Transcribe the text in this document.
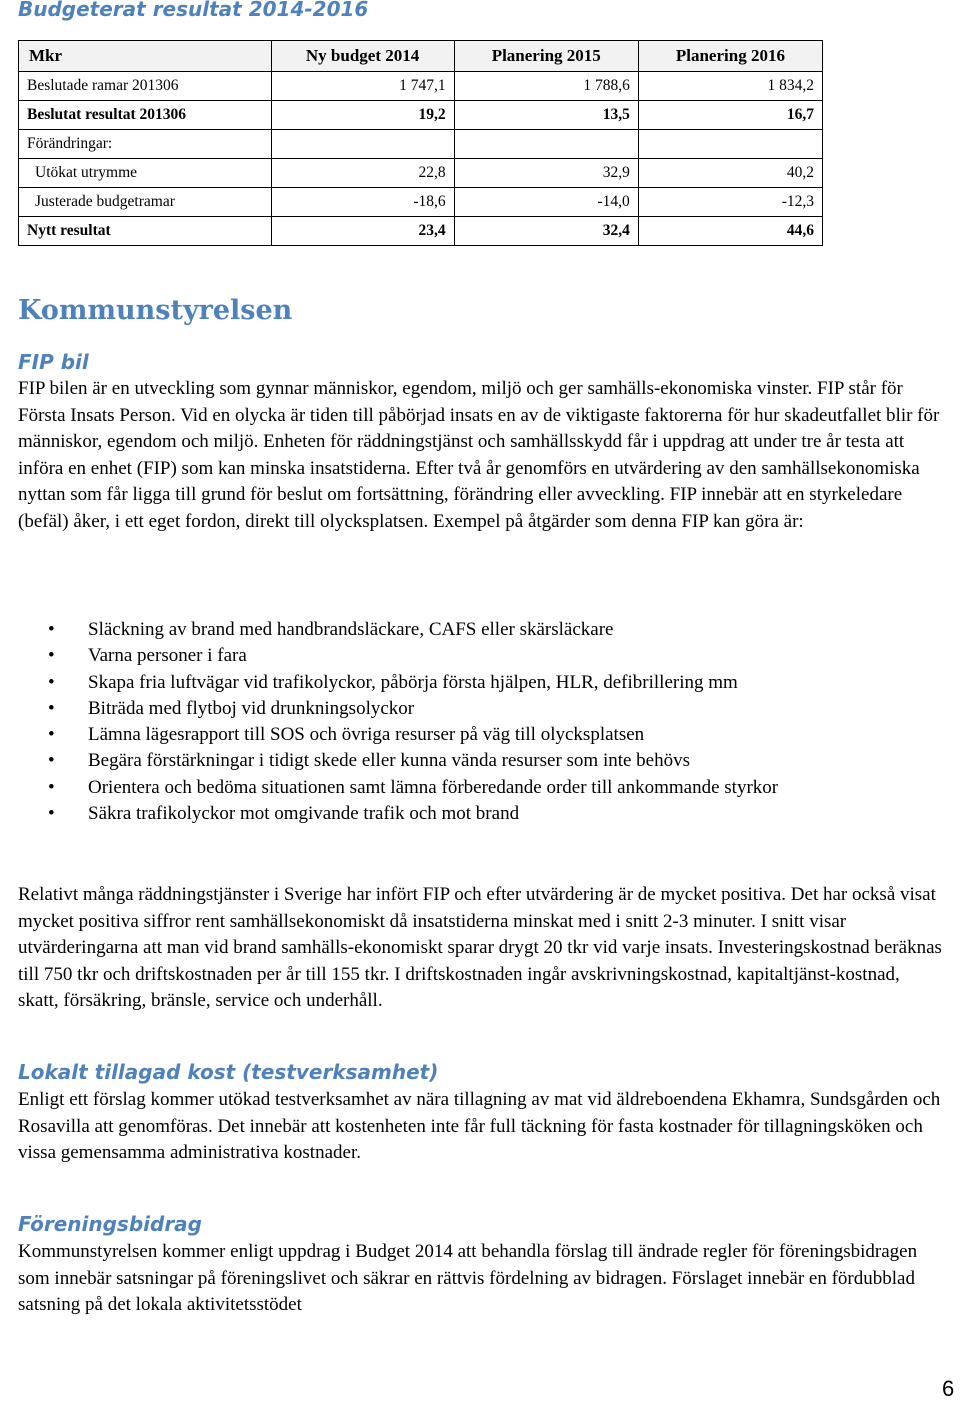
Budgeterat resultat 2014-2016
Mkr	Ny budget 2014	Planering 2015	Planering 2016
Beslutade ramar 201306	1 747,1	1 788,6	1 834,2
Beslutat resultat 201306	19,2	13,5	16,7
Förändringar:			
Utökat utrymme	22,8	32,9	40,2
Justerade budgetramar	-18,6	-14,0	-12,3
Nytt resultat	23,4	32,4	44,6
Kommunstyrelsen
FIP bil

FIP bilen är en utveckling som gynnar människor, egendom, miljö och ger samhälls-ekonomiska vinster. FIP står för Första Insats Person. Vid en olycka är tiden till påbörjad insats en av de viktigaste faktorerna för hur skadeutfallet blir för människor, egendom och miljö. Enheten för räddningstjänst och samhällsskydd får i uppdrag att under tre år testa att införa en enhet (FIP) som kan minska insatstiderna. Efter två år genomförs en utvärdering av den samhällsekonomiska nyttan som får ligga till grund för beslut om fortsättning, förändring eller avveckling. FIP innebär att en styrkeledare (befäl) åker, i ett eget fordon, direkt till olycksplatsen. Exempel på åtgärder som denna FIP kan göra är:

• Släckning av brand med handbrandsläckare, CAFS eller skärsläckare
• Varna personer i fara
• Skapa fria luftvägar vid trafikolyckor, påbörja första hjälpen, HLR, defibrillering mm
• Biträda med flytboj vid drunkningsolyckor
• Lämna lägesrapport till SOS och övriga resurser på väg till olycksplatsen
• Begära förstärkningar i tidigt skede eller kunna vända resurser som inte behövs
• Orientera och bedöma situationen samt lämna förberedande order till ankommande styrkor
• Säkra trafikolyckor mot omgivande trafik och mot brand

Relativt många räddningstjänster i Sverige har infört FIP och efter utvärdering är de mycket positiva. Det har också visat mycket positiva siffror rent samhällsekonomiskt då insatstiderna minskat med i snitt 2-3 minuter. I snitt visar utvärderingarna att man vid brand samhälls-ekonomiskt sparar drygt 20 tkr vid varje insats. Investeringskostnad beräknas till 750 tkr och driftskostnaden per år till 155 tkr. I driftskostnaden ingår avskrivningskostnad, kapitaltjänst-kostnad, skatt, försäkring, bränsle, service och underhåll.

Lokalt tillagad kost (testverksamhet)

Enligt ett förslag kommer utökad testverksamhet av nära tillagning av mat vid äldreboendena Ekhamra, Sundsgården och Rosavilla att genomföras. Det innebär att kostenheten inte får full täckning för fasta kostnader för tillagningsköken och vissa gemensamma administrativa kostnader.

Föreningsbidrag

Kommunstyrelsen kommer enligt uppdrag i Budget 2014 att behandla förslag till ändrade regler för föreningsbidragen som innebär satsningar på föreningslivet och säkrar en rättvis fördelning av bidragen. Förslaget innebär en fördubblad satsning på det lokala aktivitetsstödet

6
